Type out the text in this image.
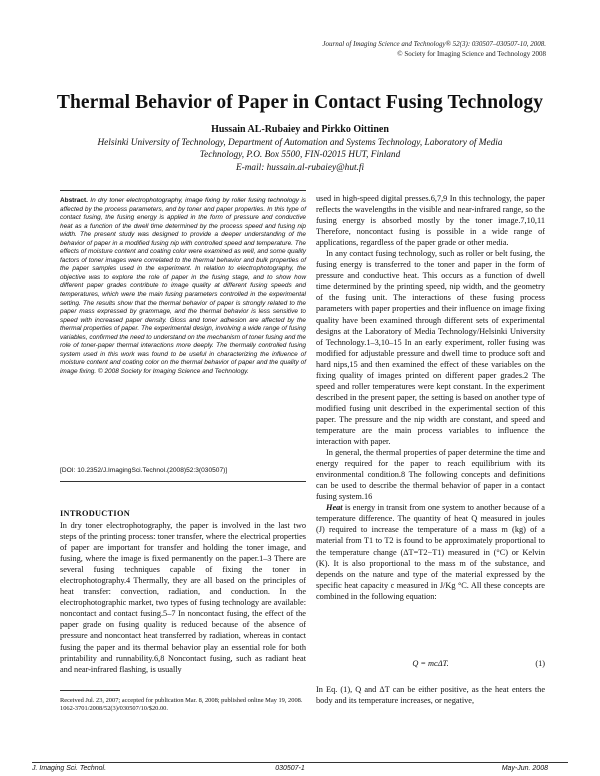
Journal of Imaging Science and Technology® 52(3): 030507–030507-10, 2008.
© Society for Imaging Science and Technology 2008
Thermal Behavior of Paper in Contact Fusing Technology
Hussain AL-Rubaiey and Pirkko Oittinen
Helsinki University of Technology, Department of Automation and Systems Technology, Laboratory of Media
Technology, P.O. Box 5500, FIN-02015 HUT, Finland
E-mail: hussain.al-rubaiey@hut.fi
Abstract. In dry toner electrophotography, image fixing by roller fusing technology is affected by the process parameters, and by toner and paper properties. In this type of contact fusing, the fusing energy is applied in the form of pressure and conductive heat as a function of the dwell time determined by the process speed and fusing nip width. The present study was designed to provide a deeper understanding of the behavior of paper in a modified fusing nip with controlled speed and temperature. The effects of moisture content and coating color were examined as well, and some quality factors of toner images were correlated to the thermal behavior and bulk properties of the paper samples used in the experiment. In relation to electrophotography, the objective was to explore the role of paper in the fusing stage, and to show how different paper grades contribute to image quality at different fusing speeds and temperatures, which were the main fusing parameters controlled in the experimental setting. The results show that the thermal behavior of paper is strongly related to the paper mass expressed by grammage, and the thermal behavior is less sensitive to speed with increased paper density. Gloss and toner adhesion are affected by the thermal properties of paper. The experimental design, involving a wide range of fusing variables, confirmed the need to understand on the mechanism of toner fusing and the role of toner-paper thermal interactions more deeply. The thermally controlled fusing system used in this work was found to be useful in characterizing the influence of moisture content and coating color on the thermal behavior of paper and the quality of image fixing. © 2008 Society for Imaging Science and Technology.
[DOI: 10.2352/J.ImagingSci.Technol.(2008)52:3(030507)]
INTRODUCTION
In dry toner electrophotography, the paper is involved in the last two steps of the printing process: toner transfer, where the electrical properties of paper are important for transfer and holding the toner image, and fusing, where the image is fixed permanently on the paper.1–3 There are several fusing techniques capable of fixing the toner in electrophotography.4 Thermally, they are all based on the principles of heat transfer: convection, radiation, and conduction. In the electrophotographic market, two types of fusing technology are available: noncontact and contact fusing.5–7 In noncontact fusing, the effect of the paper grade on fusing quality is reduced because of the absence of pressure and noncontact heat transferred by radiation, whereas in contact fusing the paper and its thermal behavior play an essential role for both printability and runnability.6,8 Noncontact fusing, such as radiant heat and near-infrared flashing, is usually
Received Jul. 23, 2007; accepted for publication Mar. 8, 2008; published online May 19, 2008.
1062-3701/2008/52(3)/030507/10/$20.00.

used in high-speed digital presses.6,7,9 In this technology, the paper reflects the wavelengths in the visible and near-infrared range, so the fusing energy is absorbed mostly by the toner image.7,10,11 Therefore, noncontact fusing is possible in a wide range of applications, regardless of the paper grade or other media.

In any contact fusing technology, such as roller or belt fusing, the fusing energy is transferred to the toner and paper in the form of pressure and conductive heat. This occurs as a function of dwell time determined by the printing speed, nip width, and the geometry of the fusing unit. The interactions of these fusing process parameters with paper properties and their influence on image fixing quality have been examined through different sets of experimental designs at the Laboratory of Media Technology/Helsinki University of Technology.1–3,10–15 In an early experiment, roller fusing was modified for adjustable pressure and dwell time to produce soft and hard nips,15 and then examined the effect of these variables on the fixing quality of images printed on different paper grades.2 The speed and roller temperatures were kept constant. In the experiment described in the present paper, the setting is based on another type of modified fusing unit described in the experimental section of this paper. The pressure and the nip width are constant, and speed and temperature are the main process variables to influence the interaction with paper.

In general, the thermal properties of paper determine the time and energy required for the paper to reach equilibrium with its environmental condition.8 The following concepts and definitions can be used to describe the thermal behavior of paper in a contact fusing system.16

Heat is energy in transit from one system to another because of a temperature difference. The quantity of heat Q measured in joules (J) required to increase the temperature of a mass m (kg) of a material from T1 to T2 is found to be approximately proportional to the temperature change (ΔT=T2−T1) measured in (°C) or Kelvin (K). It is also proportional to the mass m of the substance, and depends on the nature and type of the material expressed by the specific heat capacity c measured in J/Kg °C. All these concepts are combined in the following equation:

Q = mcΔT.	(1)
In Eq. (1), Q and ΔT can be either positive, as the heat enters the body and its temperature increases, or negative,
J. Imaging Sci. Technol.	030507-1	May-Jun. 2008
